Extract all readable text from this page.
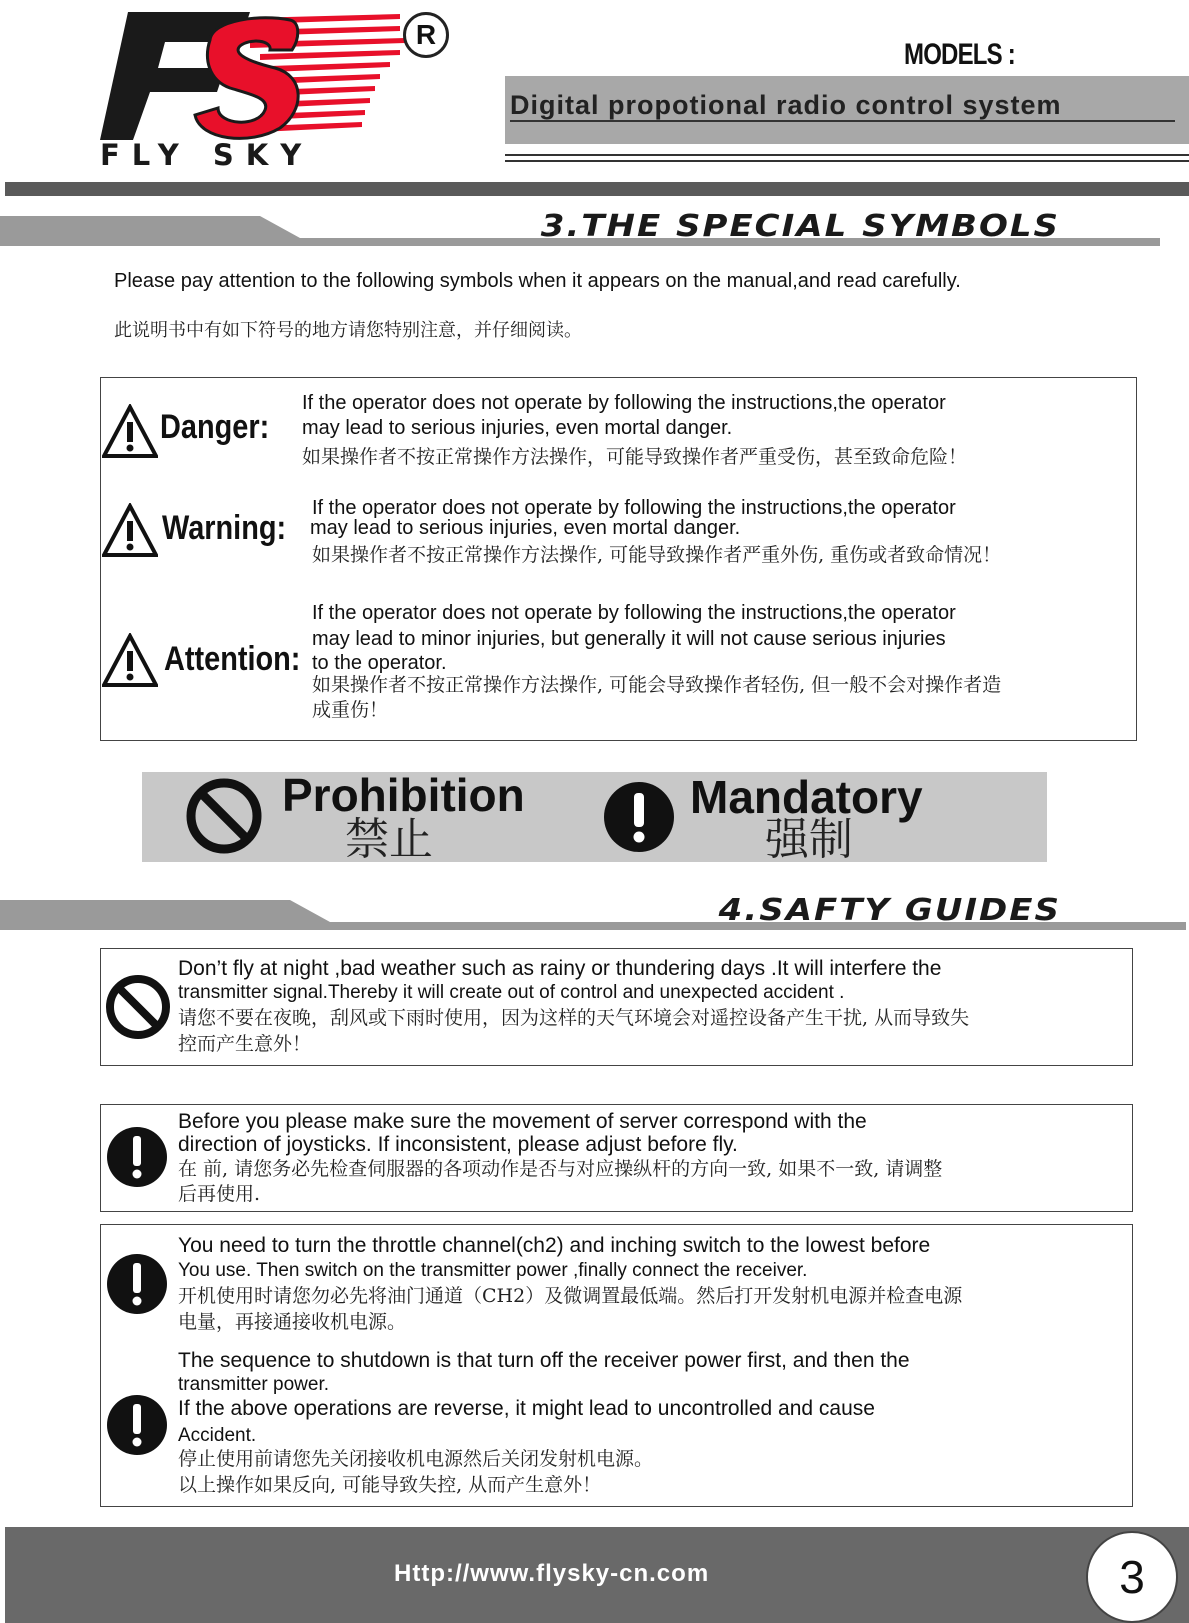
FLY SKY
R
MODELS :
Digital propotional radio control system
3.THE SPECIAL SYMBOLS
Please pay attention to the following symbols when it appears on the manual,and read carefully.
此说明书中有如下符号的地方请您特别注意，并仔细阅读。
Danger:
If the operator does not operate by following the instructions,the operator
may lead to serious injuries, even mortal danger.
如果操作者不按正常操作方法操作，可能导致操作者严重受伤，甚至致命危险！
Warning:
If the operator does not operate by following the instructions,the operator
may lead to serious injuries, even mortal danger.
如果操作者不按正常操作方法操作, 可能导致操作者严重外伤, 重伤或者致命情况！
Attention:
If the operator does not operate by following the instructions,the operator
may lead to minor injuries, but generally it will not cause serious injuries
to the operator.
如果操作者不按正常操作方法操作, 可能会导致操作者轻伤, 但一般不会对操作者造
成重伤！
Prohibition
禁止
Mandatory
强制
4.SAFTY GUIDES
Don’t fly at night ,bad weather such as rainy or thundering days .It will interfere the
transmitter signal.Thereby it will create out of control and unexpected accident .
请您不要在夜晚，刮风或下雨时使用，因为这样的天气环境会对遥控设备产生干扰, 从而导致失
控而产生意外！
Before you please make sure the movement of server correspond with the
direction of joysticks. If inconsistent, please adjust before fly.
在 前, 请您务必先检查伺服器的各项动作是否与对应操纵杆的方向一致, 如果不一致, 请调整
后再使用.
You need to turn the throttle channel(ch2) and inching switch to the lowest before
You use. Then switch on the transmitter power ,finally connect the receiver.
开机使用时请您勿必先将油门通道（CH2）及微调置最低端。然后打开发射机电源并检查电源
电量，再接通接收机电源。
The sequence to shutdown is that turn off the receiver power first, and then the
transmitter power.
If the above operations are reverse, it might lead to uncontrolled and cause
Accident.
停止使用前请您先关闭接收机电源然后关闭发射机电源。
以上操作如果反向, 可能导致失控, 从而产生意外！
Http://www.flysky-cn.com	3
